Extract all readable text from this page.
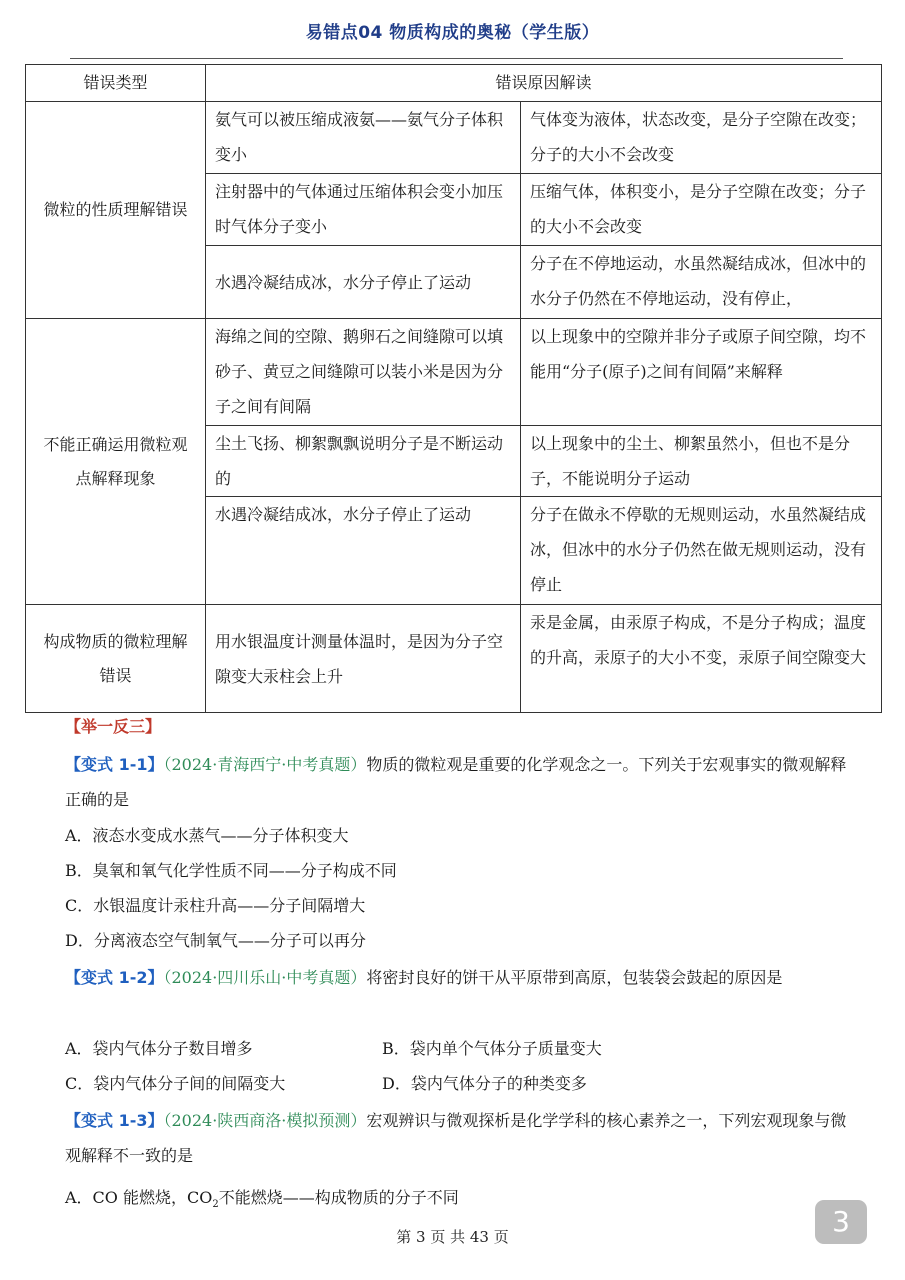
易错点04 物质构成的奥秘（学生版）
错误类型	错误原因解读	
微粒的性质理解错误	氨气可以被压缩成液氨——氨气分子体积变小	气体变为液体，状态改变，是分子空隙在改变；分子的大小不会改变
	注射器中的气体通过压缩体积会变小加压时气体分子变小	压缩气体，体积变小，是分子空隙在改变；分子的大小不会改变
	水遇冷凝结成冰，水分子停止了运动	分子在不停地运动，水虽然凝结成冰，但冰中的水分子仍然在不停地运动，没有停止，
不能正确运用微粒观点解释现象	海绵之间的空隙、鹅卵石之间缝隙可以填砂子、黄豆之间缝隙可以装小米是因为分子之间有间隔	以上现象中的空隙并非分子或原子间空隙，均不能用“分子(原子)之间有间隔”来解释
	尘土飞扬、柳絮飘飘说明分子是不断运动的	以上现象中的尘土、柳絮虽然小，但也不是分子，不能说明分子运动
	水遇冷凝结成冰，水分子停止了运动	分子在做永不停歇的无规则运动，水虽然凝结成冰，但冰中的水分子仍然在做无规则运动，没有停止
构成物质的微粒理解错误	用水银温度计测量体温时，是因为分子空隙变大汞柱会上升	汞是金属，由汞原子构成，不是分子构成；温度的升高，汞原子的大小不变，汞原子间空隙变大
【举一反三】
【变式 1-1】（2024·青海西宁·中考真题）物质的微粒观是重要的化学观念之一。下列关于宏观事实的微观解释正确的是
A．液态水变成水蒸气——分子体积变大
B．臭氧和氧气化学性质不同——分子构成不同
C．水银温度计汞柱升高——分子间隔增大
D．分离液态空气制氧气——分子可以再分
【变式 1-2】（2024·四川乐山·中考真题）将密封良好的饼干从平原带到高原，包装袋会鼓起的原因是
A．袋内气体分子数目增多	B．袋内单个气体分子质量变大
C．袋内气体分子间的间隔变大	D．袋内气体分子的种类变多
【变式 1-3】（2024·陕西商洛·模拟预测）宏观辨识与微观探析是化学学科的核心素养之一，下列宏观现象与微观解释不一致的是
A．CO 能燃烧，$CO_2$不能燃烧——构成物质的分子不同
第 3 页 共 43 页	3
